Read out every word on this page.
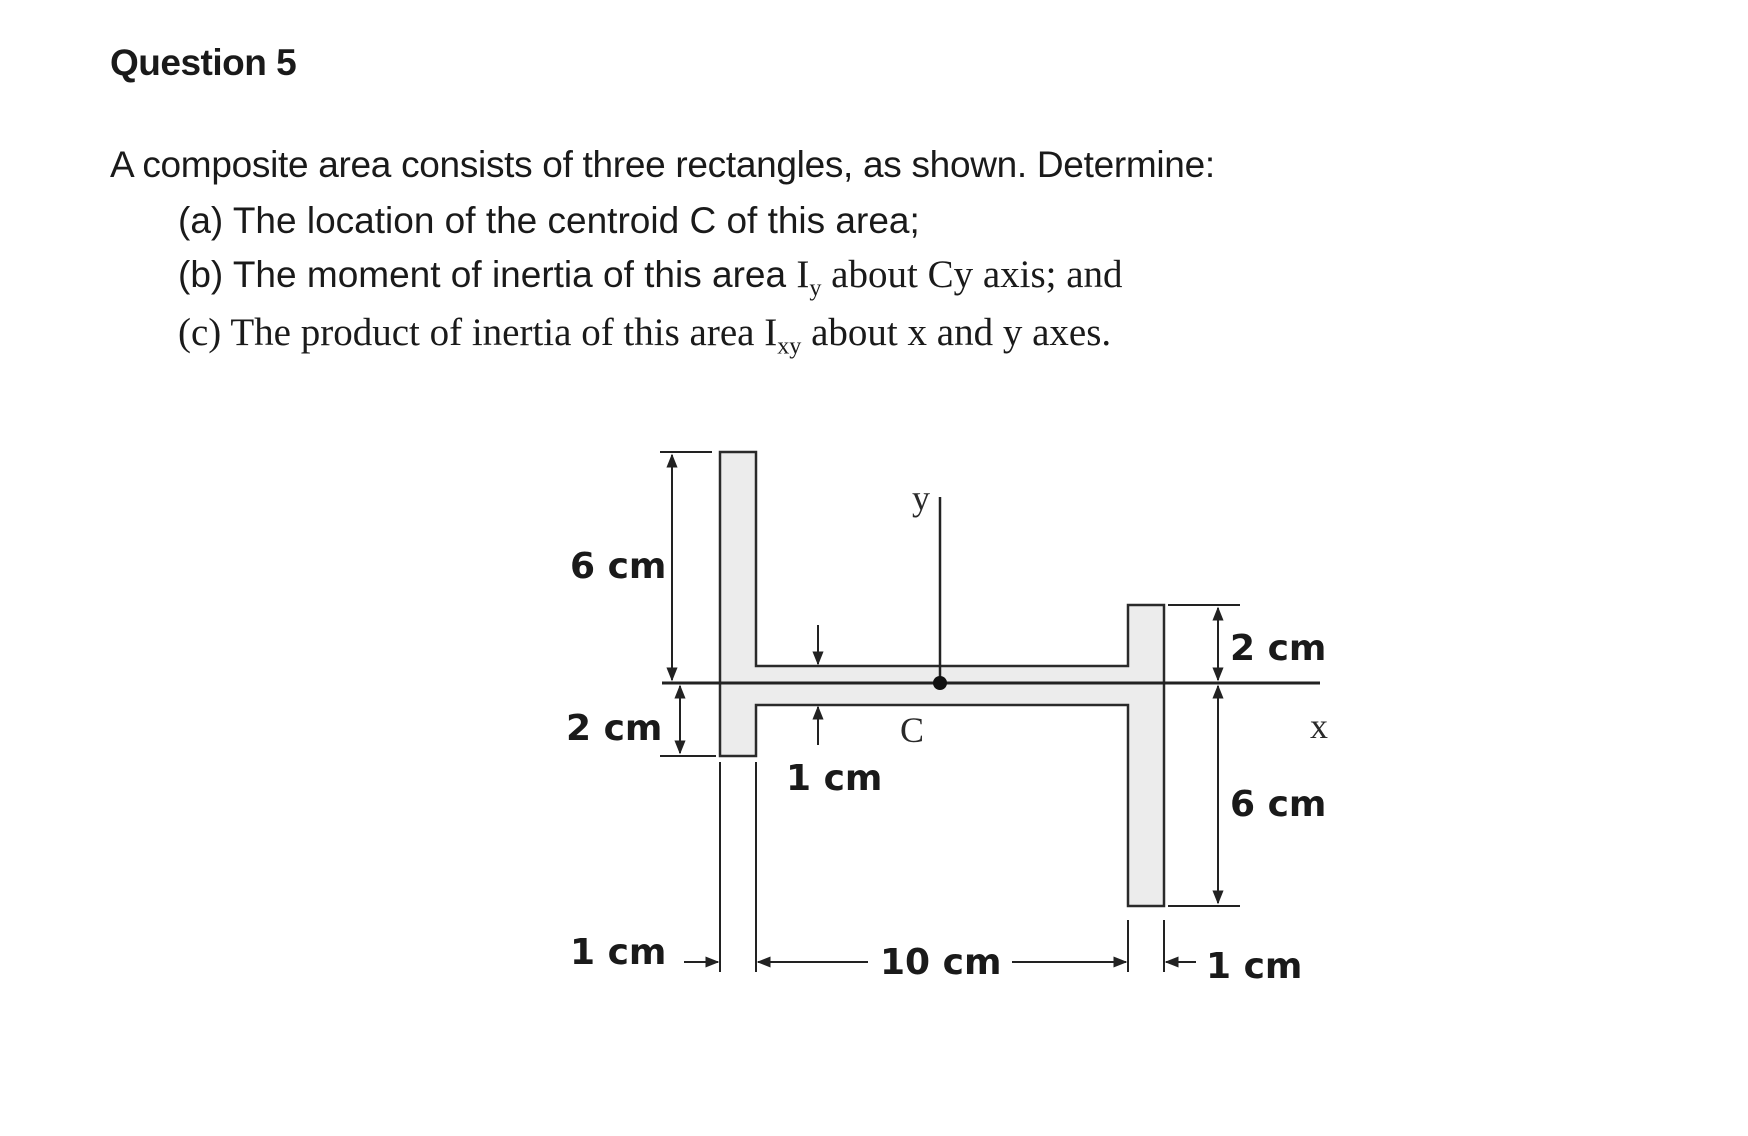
Question 5
A composite area consists of three rectangles, as shown. Determine:
(a) The location of the centroid C of this area;
(b) The moment of inertia of this area $I_y$ about Cy axis; and
(c) The product of inertia of this area $I_{xy}$ about x and y axes.
6 cm
2 cm
1 cm
1 cm	10 cm	1 cm
2 cm
6 cm
y
x
C
